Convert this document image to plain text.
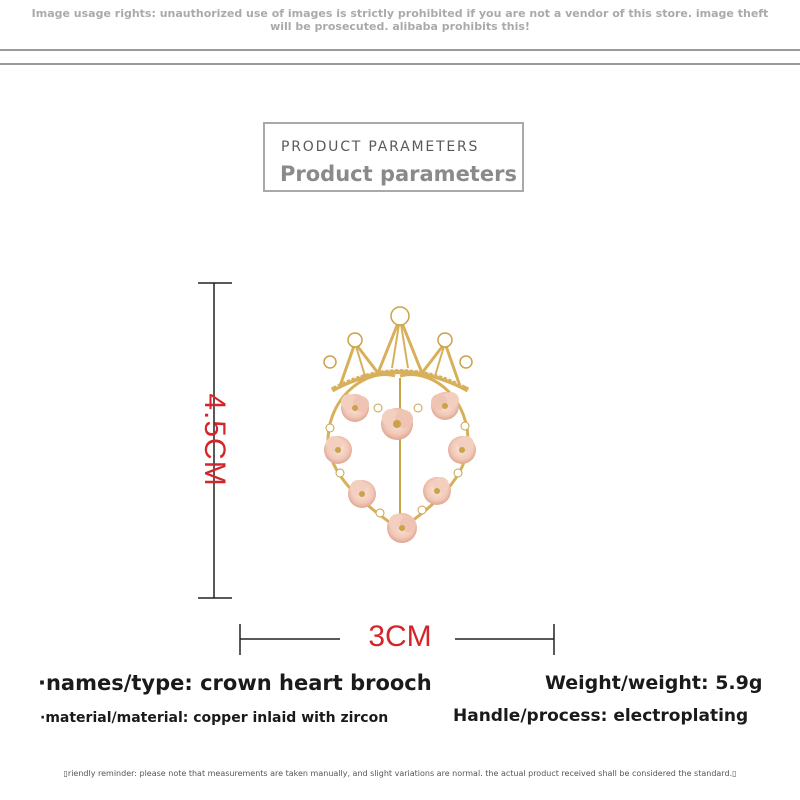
Image usage rights: unauthorized use of images is strictly prohibited if you are not a vendor of this store. image theft will be prosecuted. alibaba prohibits this!
PRODUCT PARAMETERS
Product parameters
4.5CM
3CM
·names/type: crown heart brooch	Weight/weight: 5.9g
·material/material: copper inlaid with zircon	Handle/process: electroplating
▯riendly reminder: please note that measurements are taken manually, and slight variations are normal. the actual product received shall be considered the standard.▯
